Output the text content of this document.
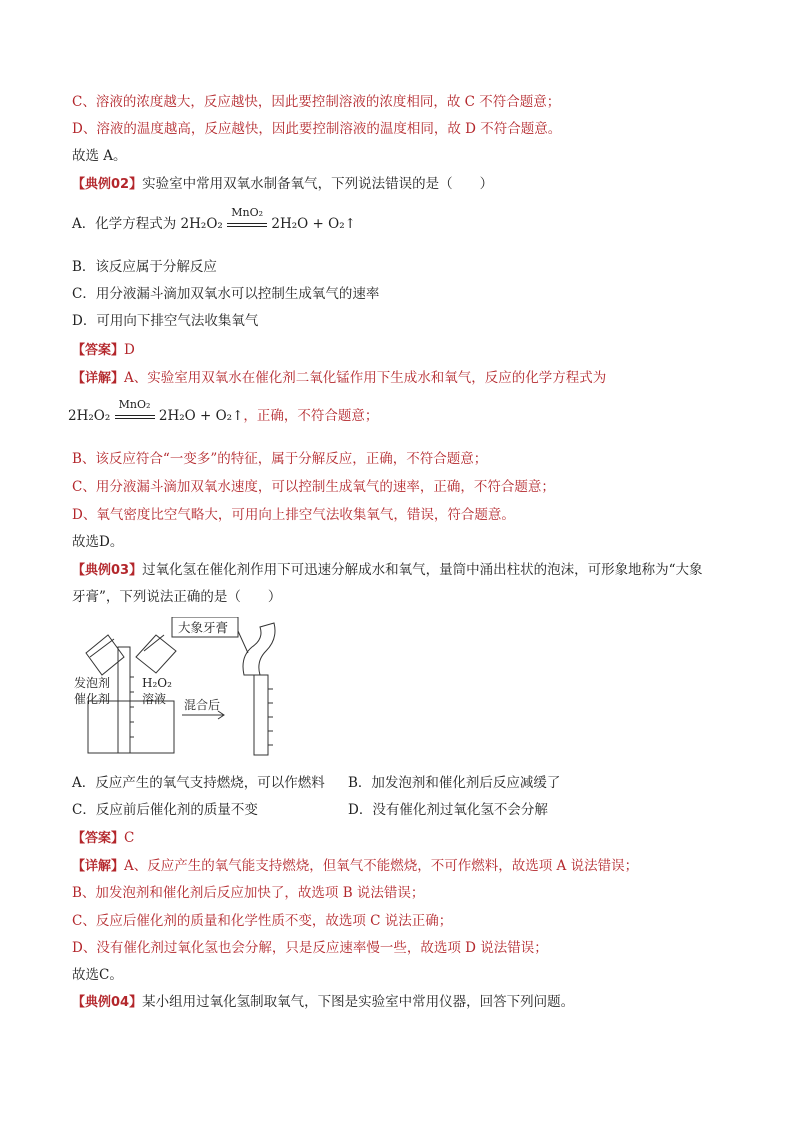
C、溶液的浓度越大，反应越快，因此要控制溶液的浓度相同，故 C 不符合题意；
D、溶液的温度越高，反应越快，因此要控制溶液的温度相同，故 D 不符合题意。
故选 A。
【典例02】实验室中常用双氧水制备氧气，下列说法错误的是（　　）
A．化学方程式为 2H₂O₂
MnO₂
2H₂O + O₂↑
B．该反应属于分解反应
C．用分液漏斗滴加双氧水可以控制生成氧气的速率
D．可用向下排空气法收集氧气
【答案】D
【详解】A、实验室用双氧水在催化剂二氧化锰作用下生成水和氧气，反应的化学方程式为
2H₂O₂
MnO₂
2H₂O + O₂↑，正确，不符合题意；
B、该反应符合“一变多”的特征，属于分解反应，正确，不符合题意；
C、用分液漏斗滴加双氧水速度，可以控制生成氧气的速率，正确，不符合题意；
D、氧气密度比空气略大，可用向上排空气法收集氧气，错误，符合题意。
故选D。
【典例03】过氧化氢在催化剂作用下可迅速分解成水和氧气，量筒中涌出柱状的泡沫，可形象地称为“大象
牙膏”，下列说法正确的是（　　）
大象牙膏
发泡剂
催化剂
H₂O₂
溶液 混合后
A．反应产生的氧气支持燃烧，可以作燃料 B．加发泡剂和催化剂后反应减缓了
C．反应前后催化剂的质量不变	D．没有催化剂过氧化氢不会分解
【答案】C
【详解】A、反应产生的氧气能支持燃烧，但氧气不能燃烧，不可作燃料，故选项 A 说法错误；
B、加发泡剂和催化剂后反应加快了，故选项 B 说法错误；
C、反应后催化剂的质量和化学性质不变，故选项 C 说法正确；
D、没有催化剂过氧化氢也会分解，只是反应速率慢一些，故选项 D 说法错误；
故选C。
【典例04】某小组用过氧化氢制取氧气，下图是实验室中常用仪器，回答下列问题。
